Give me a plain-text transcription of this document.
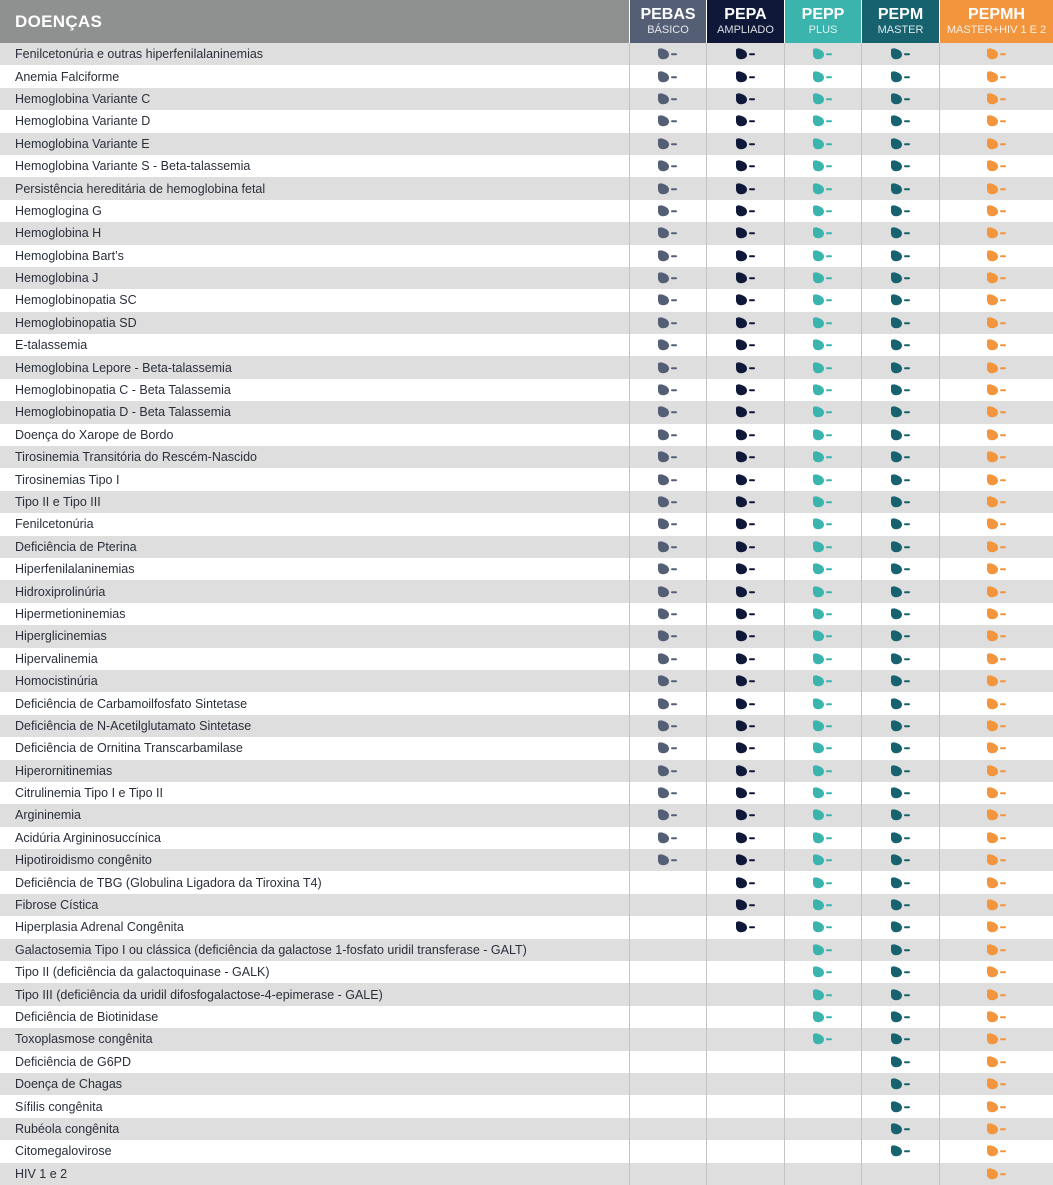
DOENÇAS	PEBAS
BÁSICO
PEPA
AMPLIADO
PEPP
PLUS
PEPM
MASTER
PEPMH
MASTER+HIV 1 E 2
Fenilcetonúria e outras hiperfenilalaninemias
Anemia Falciforme
Hemoglobina Variante C
Hemoglobina Variante D
Hemoglobina Variante E
Hemoglobina Variante S - Beta-talassemia
Persistência hereditária de hemoglobina fetal
Hemoglogina G
Hemoglobina H
Hemoglobina Bart’s
Hemoglobina J
Hemoglobinopatia SC
Hemoglobinopatia SD
E-talassemia
Hemoglobina Lepore - Beta-talassemia
Hemoglobinopatia C - Beta Talassemia
Hemoglobinopatia D - Beta Talassemia
Doença do Xarope de Bordo
Tirosinemia Transitória do Rescém-Nascido
Tirosinemias Tipo I
Tipo II e Tipo III
Fenilcetonúria
Deficiência de Pterina
Hiperfenilalaninemias
Hidroxiprolinúria
Hipermetioninemias
Hiperglicinemias
Hipervalinemia
Homocistinúria
Deficiência de Carbamoilfosfato Sintetase
Deficiência de N-Acetilglutamato Sintetase
Deficiência de Ornitina Transcarbamilase
Hiperornitinemias
Citrulinemia Tipo I e Tipo II
Argininemia
Acidúria Argininosuccínica
Hipotiroidismo congênito
Deficiência de TBG (Globulina Ligadora da Tiroxina T4)
Fibrose Cística
Hiperplasia Adrenal Congênita
Galactosemia Tipo I ou clássica (deficiência da galactose 1-fosfato uridil transferase - GALT)
Tipo II (deficiência da galactoquinase - GALK)
Tipo III (deficiência da uridil difosfogalactose-4-epimerase - GALE)
Deficiência de Biotinidase
Toxoplasmose congênita
Deficiência de G6PD
Doença de Chagas
Sífilis congênita
Rubéola congênita
Citomegalovirose
HIV 1 e 2
